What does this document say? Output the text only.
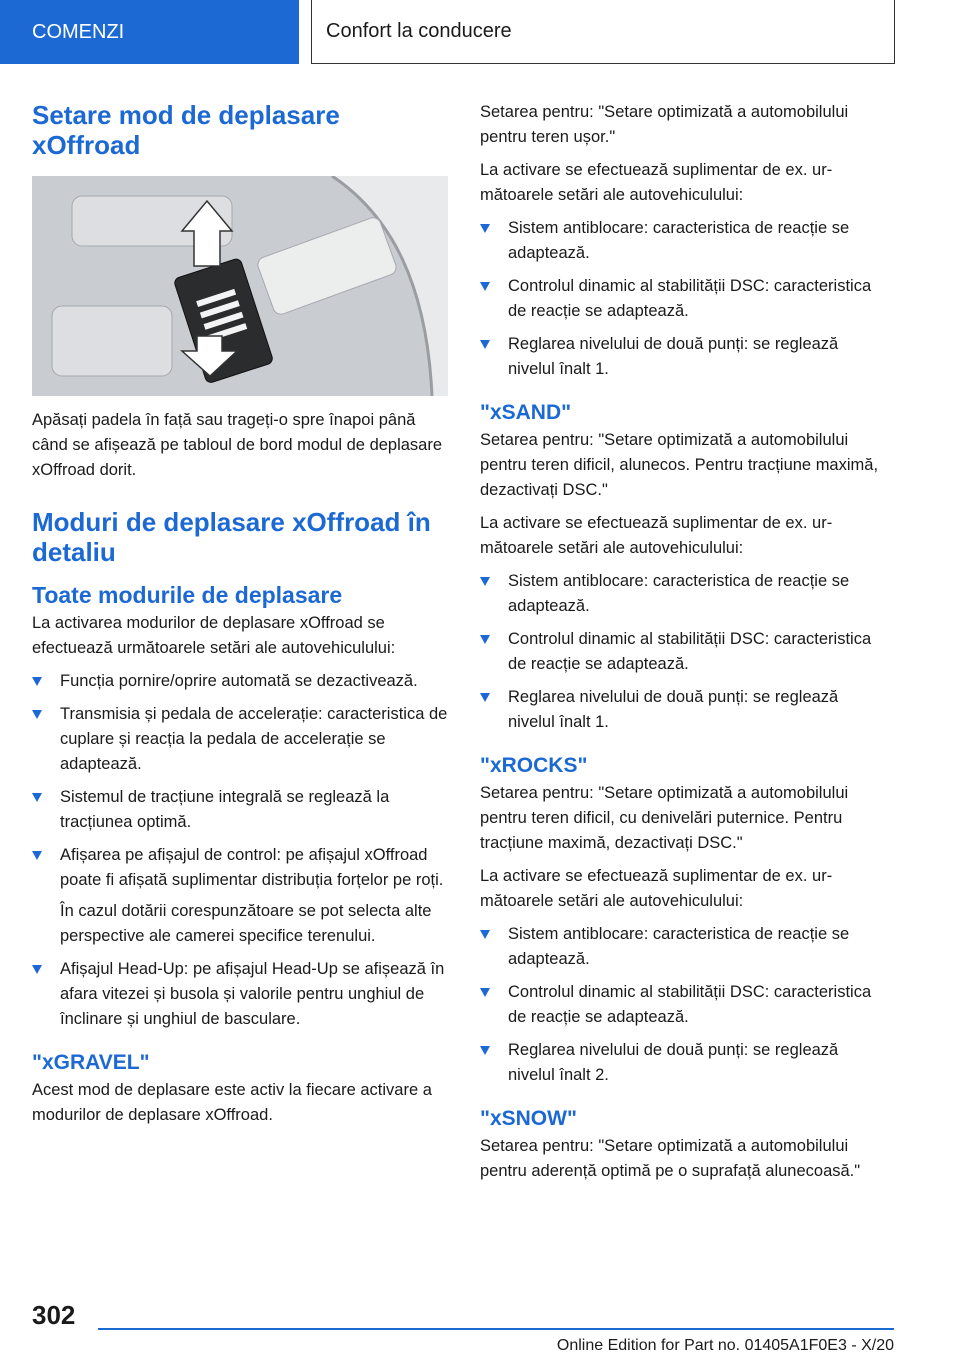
COMENZI	Confort la conducere
Setare mod de deplasare xOffroad

Apăsați padela în față sau trageți-o spre înapoi până când se afișează pe tabloul de bord modul de deplasare xOffroad dorit.

Moduri de deplasare xOffroad în detaliu
Toate modurile de deplasare

La activarea modurilor de deplasare xOffroad se efectuează următoarele setări ale autovehiculului:

Funcția pornire/oprire automată se dezactivează.
Transmisia și pedala de accelerație: caracteristica de cuplare și reacția la pedala de accelerație se adaptează.
Sistemul de tracțiune integrală se reglează la tracțiunea optimă.
Afișarea pe afișajul de control: pe afișajul xOffroad poate fi afișată suplimentar distribuția forțelor pe roți.
În cazul dotării corespunzătoare se pot selecta alte perspective ale camerei specifice terenului.
Afișajul Head-Up: pe afișajul Head-Up se afișează în afara vitezei și busola și valorile pentru unghiul de înclinare și unghiul de basculare.
"xGRAVEL"

Acest mod de deplasare este activ la fiecare activare a modurilor de deplasare xOffroad.

Setarea pentru: "Setare optimizată a automobilului pentru teren ușor."

La activare se efectuează suplimentar de ex. următoarele setări ale autovehiculului:

Sistem antiblocare: caracteristica de reacție se adaptează.
Controlul dinamic al stabilității DSC: caracteristica de reacție se adaptează.
Reglarea nivelului de două punți: se reglează nivelul înalt 1.
"xSAND"

Setarea pentru: "Setare optimizată a automobilului pentru teren dificil, alunecos. Pentru tracțiune maximă, dezactivați DSC."

La activare se efectuează suplimentar de ex. următoarele setări ale autovehiculului:

Sistem antiblocare: caracteristica de reacție se adaptează.
Controlul dinamic al stabilității DSC: caracteristica de reacție se adaptează.
Reglarea nivelului de două punți: se reglează nivelul înalt 1.
"xROCKS"

Setarea pentru: "Setare optimizată a automobilului pentru teren dificil, cu denivelări puternice. Pentru tracțiune maximă, dezactivați DSC."

La activare se efectuează suplimentar de ex. următoarele setări ale autovehiculului:

Sistem antiblocare: caracteristica de reacție se adaptează.
Controlul dinamic al stabilității DSC: caracteristica de reacție se adaptează.
Reglarea nivelului de două punți: se reglează nivelul înalt 2.
"xSNOW"

Setarea pentru: "Setare optimizată a automobilului pentru aderență optimă pe o suprafață alunecoasă."

302
Online Edition for Part no. 01405A1F0E3 - X/20
